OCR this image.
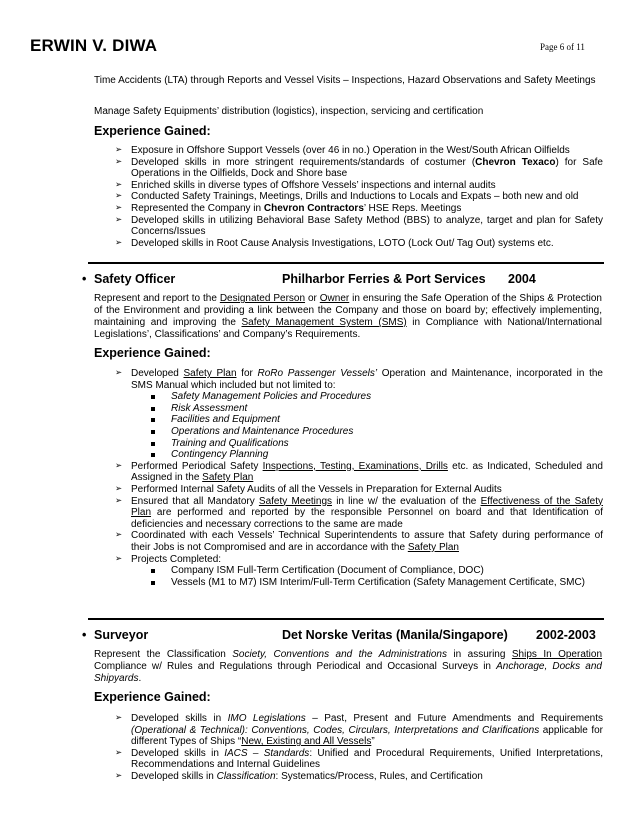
ERWIN V. DIWA	Page 6 of 11
Time Accidents (LTA) through Reports and Vessel Visits – Inspections, Hazard Observations and Safety Meetings
Manage Safety Equipments’ distribution (logistics), inspection, servicing and certification
Experience Gained:
➢ Exposure in Offshore Support Vessels (over 46 in no.) Operation in the West/South African Oilfields
➢ Developed skills in more stringent requirements/standards of costumer (Chevron Texaco) for Safe Operations in the Oilfields, Dock and Shore base
➢ Enriched skills in diverse types of Offshore Vessels’ inspections and internal audits
➢ Conducted Safety Trainings, Meetings, Drills and Inductions to Locals and Expats – both new and old
➢ Represented the Company in Chevron Contractors’ HSE Reps. Meetings
➢ Developed skills in utilizing Behavioral Base Safety Method (BBS) to analyze, target and plan for Safety Concerns/Issues
➢ Developed skills in Root Cause Analysis Investigations, LOTO (Lock Out/ Tag Out) systems etc.
• Safety Officer	Philharbor Ferries & Port Services 2004
Represent and report to the Designated Person or Owner in ensuring the Safe Operation of the Ships & Protection of the Environment and providing a link between the Company and those on board by; effectively implementing, maintaining and improving the Safety Management System (SMS) in Compliance with National/International Legislations’, Classifications’ and Company’s Requirements.
Experience Gained:
➢ Developed Safety Plan for RoRo Passenger Vessels’ Operation and Maintenance, incorporated in the SMS Manual which included but not limited to:
Safety Management Policies and Procedures
Risk Assessment
Facilities and Equipment
Operations and Maintenance Procedures
Training and Qualifications
Contingency Planning
➢ Performed Periodical Safety Inspections, Testing, Examinations, Drills etc. as Indicated, Scheduled and Assigned in the Safety Plan
➢ Performed Internal Safety Audits of all the Vessels in Preparation for External Audits
➢ Ensured that all Mandatory Safety Meetings in line w/ the evaluation of the Effectiveness of the Safety Plan are performed and reported by the responsible Personnel on board and that Identification of deficiencies and necessary corrections to the same are made
➢ Coordinated with each Vessels’ Technical Superintendents to assure that Safety during performance of their Jobs is not Compromised and are in accordance with the Safety Plan
➢ Projects Completed:
Company ISM Full-Term Certification (Document of Compliance, DOC)
Vessels (M1 to M7) ISM Interim/Full-Term Certification (Safety Management Certificate, SMC)
• Surveyor	Det Norske Veritas (Manila/Singapore) 2002-2003
Represent the Classification Society, Conventions and the Administrations in assuring Ships In Operation Compliance w/ Rules and Regulations through Periodical and Occasional Surveys in Anchorage, Docks and Shipyards.
Experience Gained:
➢ Developed skills in IMO Legislations – Past, Present and Future Amendments and Requirements (Operational & Technical): Conventions, Codes, Circulars, Interpretations and Clarifications applicable for different Types of Ships “New, Existing and All Vessels”
➢ Developed skills in IACS – Standards: Unified and Procedural Requirements, Unified Interpretations, Recommendations and Internal Guidelines
➢ Developed skills in Classification: Systematics/Process, Rules, and Certification
